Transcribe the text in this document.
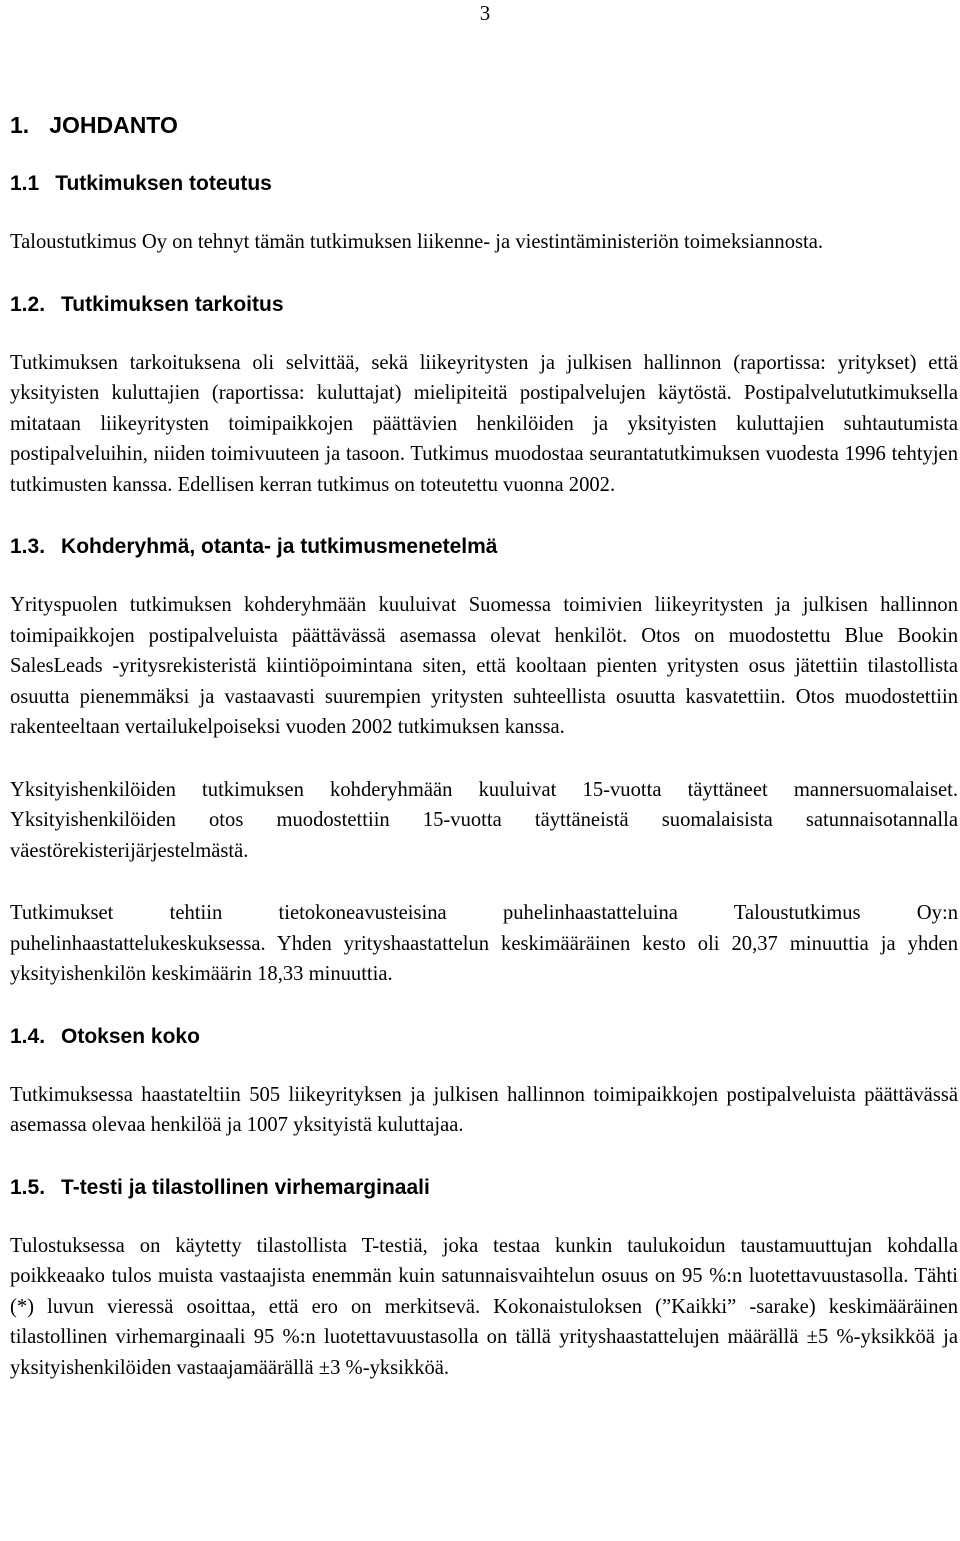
3
1. JOHDANTO
1.1 Tutkimuksen toteutus

Taloustutkimus Oy on tehnyt tämän tutkimuksen liikenne- ja viestintäministeriön toimeksiannosta.

1.2. Tutkimuksen tarkoitus

Tutkimuksen tarkoituksena oli selvittää, sekä liikeyritysten ja julkisen hallinnon (raportissa: yritykset) että yksityisten kuluttajien (raportissa: kuluttajat) mielipiteitä postipalvelujen käytöstä. Postipalvelututkimuksella mitataan liikeyritysten toimipaikkojen päättävien henkilöiden ja yksityisten kuluttajien suhtautumista postipalveluihin, niiden toimivuuteen ja tasoon. Tutkimus muodostaa seurantatutkimuksen vuodesta 1996 tehtyjen tutkimusten kanssa. Edellisen kerran tutkimus on toteutettu vuonna 2002.

1.3. Kohderyhmä, otanta- ja tutkimusmenetelmä

Yrityspuolen tutkimuksen kohderyhmään kuuluivat Suomessa toimivien liikeyritysten ja julkisen hallinnon toimipaikkojen postipalveluista päättävässä asemassa olevat henkilöt. Otos on muodostettu Blue Bookin SalesLeads -yritysrekisteristä kiintiöpoimintana siten, että kooltaan pienten yritysten osus jätettiin tilastollista osuutta pienemmäksi ja vastaavasti suurempien yritysten suhteellista osuutta kasvatettiin. Otos muodostettiin rakenteeltaan vertailukelpoiseksi vuoden 2002 tutkimuksen kanssa.

Yksityishenkilöiden tutkimuksen kohderyhmään kuuluivat 15-vuotta täyttäneet mannersuomalaiset. Yksityishenkilöiden otos muodostettiin 15-vuotta täyttäneistä suomalaisista satunnaisotannalla väestörekisterijärjestelmästä.

Tutkimukset tehtiin tietokoneavusteisina puhelinhaastatteluina Taloustutkimus Oy:n puhelinhaastattelukeskuksessa. Yhden yrityshaastattelun keskimääräinen kesto oli 20,37 minuuttia ja yhden yksityishenkilön keskimäärin 18,33 minuuttia.

1.4. Otoksen koko

Tutkimuksessa haastateltiin 505 liikeyrityksen ja julkisen hallinnon toimipaikkojen postipalveluista päättävässä asemassa olevaa henkilöä ja 1007 yksityistä kuluttajaa.

1.5. T-testi ja tilastollinen virhemarginaali

Tulostuksessa on käytetty tilastollista T-testiä, joka testaa kunkin taulukoidun taustamuuttujan kohdalla poikkeaako tulos muista vastaajista enemmän kuin satunnaisvaihtelun osuus on 95 %:n luotettavuustasolla. Tähti (*) luvun vieressä osoittaa, että ero on merkitsevä. Kokonaistuloksen (”Kaikki” -sarake) keskimääräinen tilastollinen virhemarginaali 95 %:n luotettavuustasolla on tällä yrityshaastattelujen määrällä ±5 %-yksikköä ja yksityishenkilöiden vastaajamäärällä ±3 %-yksikköä.
